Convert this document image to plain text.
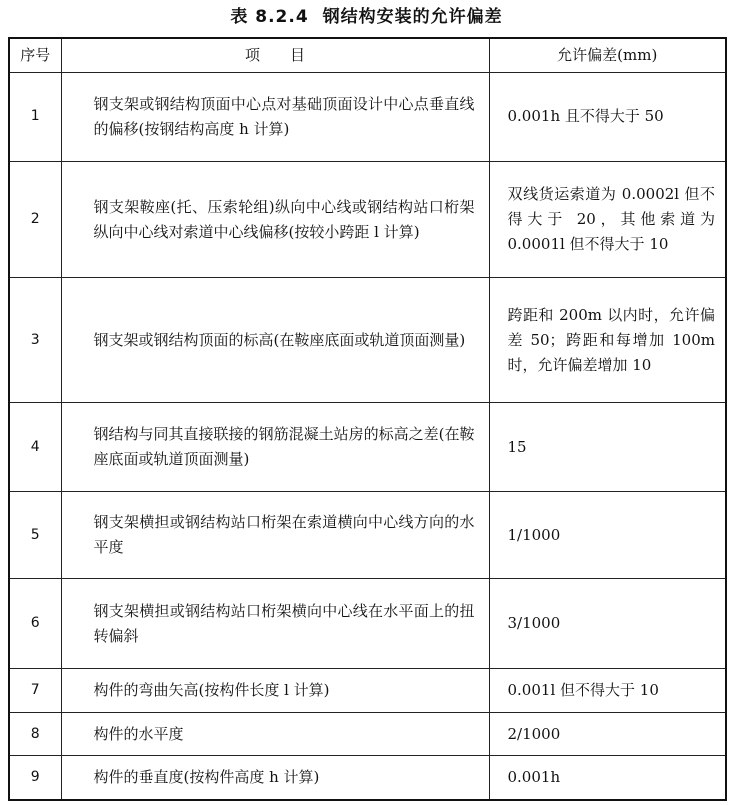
表 8.2.4 钢结构安装的允许偏差
序号	项　　目	允许偏差(mm)
1	钢支架或钢结构顶面中心点对基础顶面设计中心点垂直线的偏移(按钢结构高度 h 计算)	0.001h 且不得大于 50
2	钢支架鞍座(托、压索轮组)纵向中心线或钢结构站口桁架纵向中心线对索道中心线偏移(按较小跨距 l 计算)	双线货运索道为 0.0002l 但不得大于 20，其他索道为 0.0001l 但不得大于 10
3	钢支架或钢结构顶面的标高(在鞍座底面或轨道顶面测量)	跨距和 200m 以内时，允许偏差 50；跨距和每增加 100m 时，允许偏差增加 10
4	钢结构与同其直接联接的钢筋混凝土站房的标高之差(在鞍座底面或轨道顶面测量)	15
5	钢支架横担或钢结构站口桁架在索道横向中心线方向的水平度	1/1000
6	钢支架横担或钢结构站口桁架横向中心线在水平面上的扭转偏斜	3/1000
7	构件的弯曲矢高(按构件长度 l 计算)	0.001l 但不得大于 10
8	构件的水平度	2/1000
9	构件的垂直度(按构件高度 h 计算)	0.001h
